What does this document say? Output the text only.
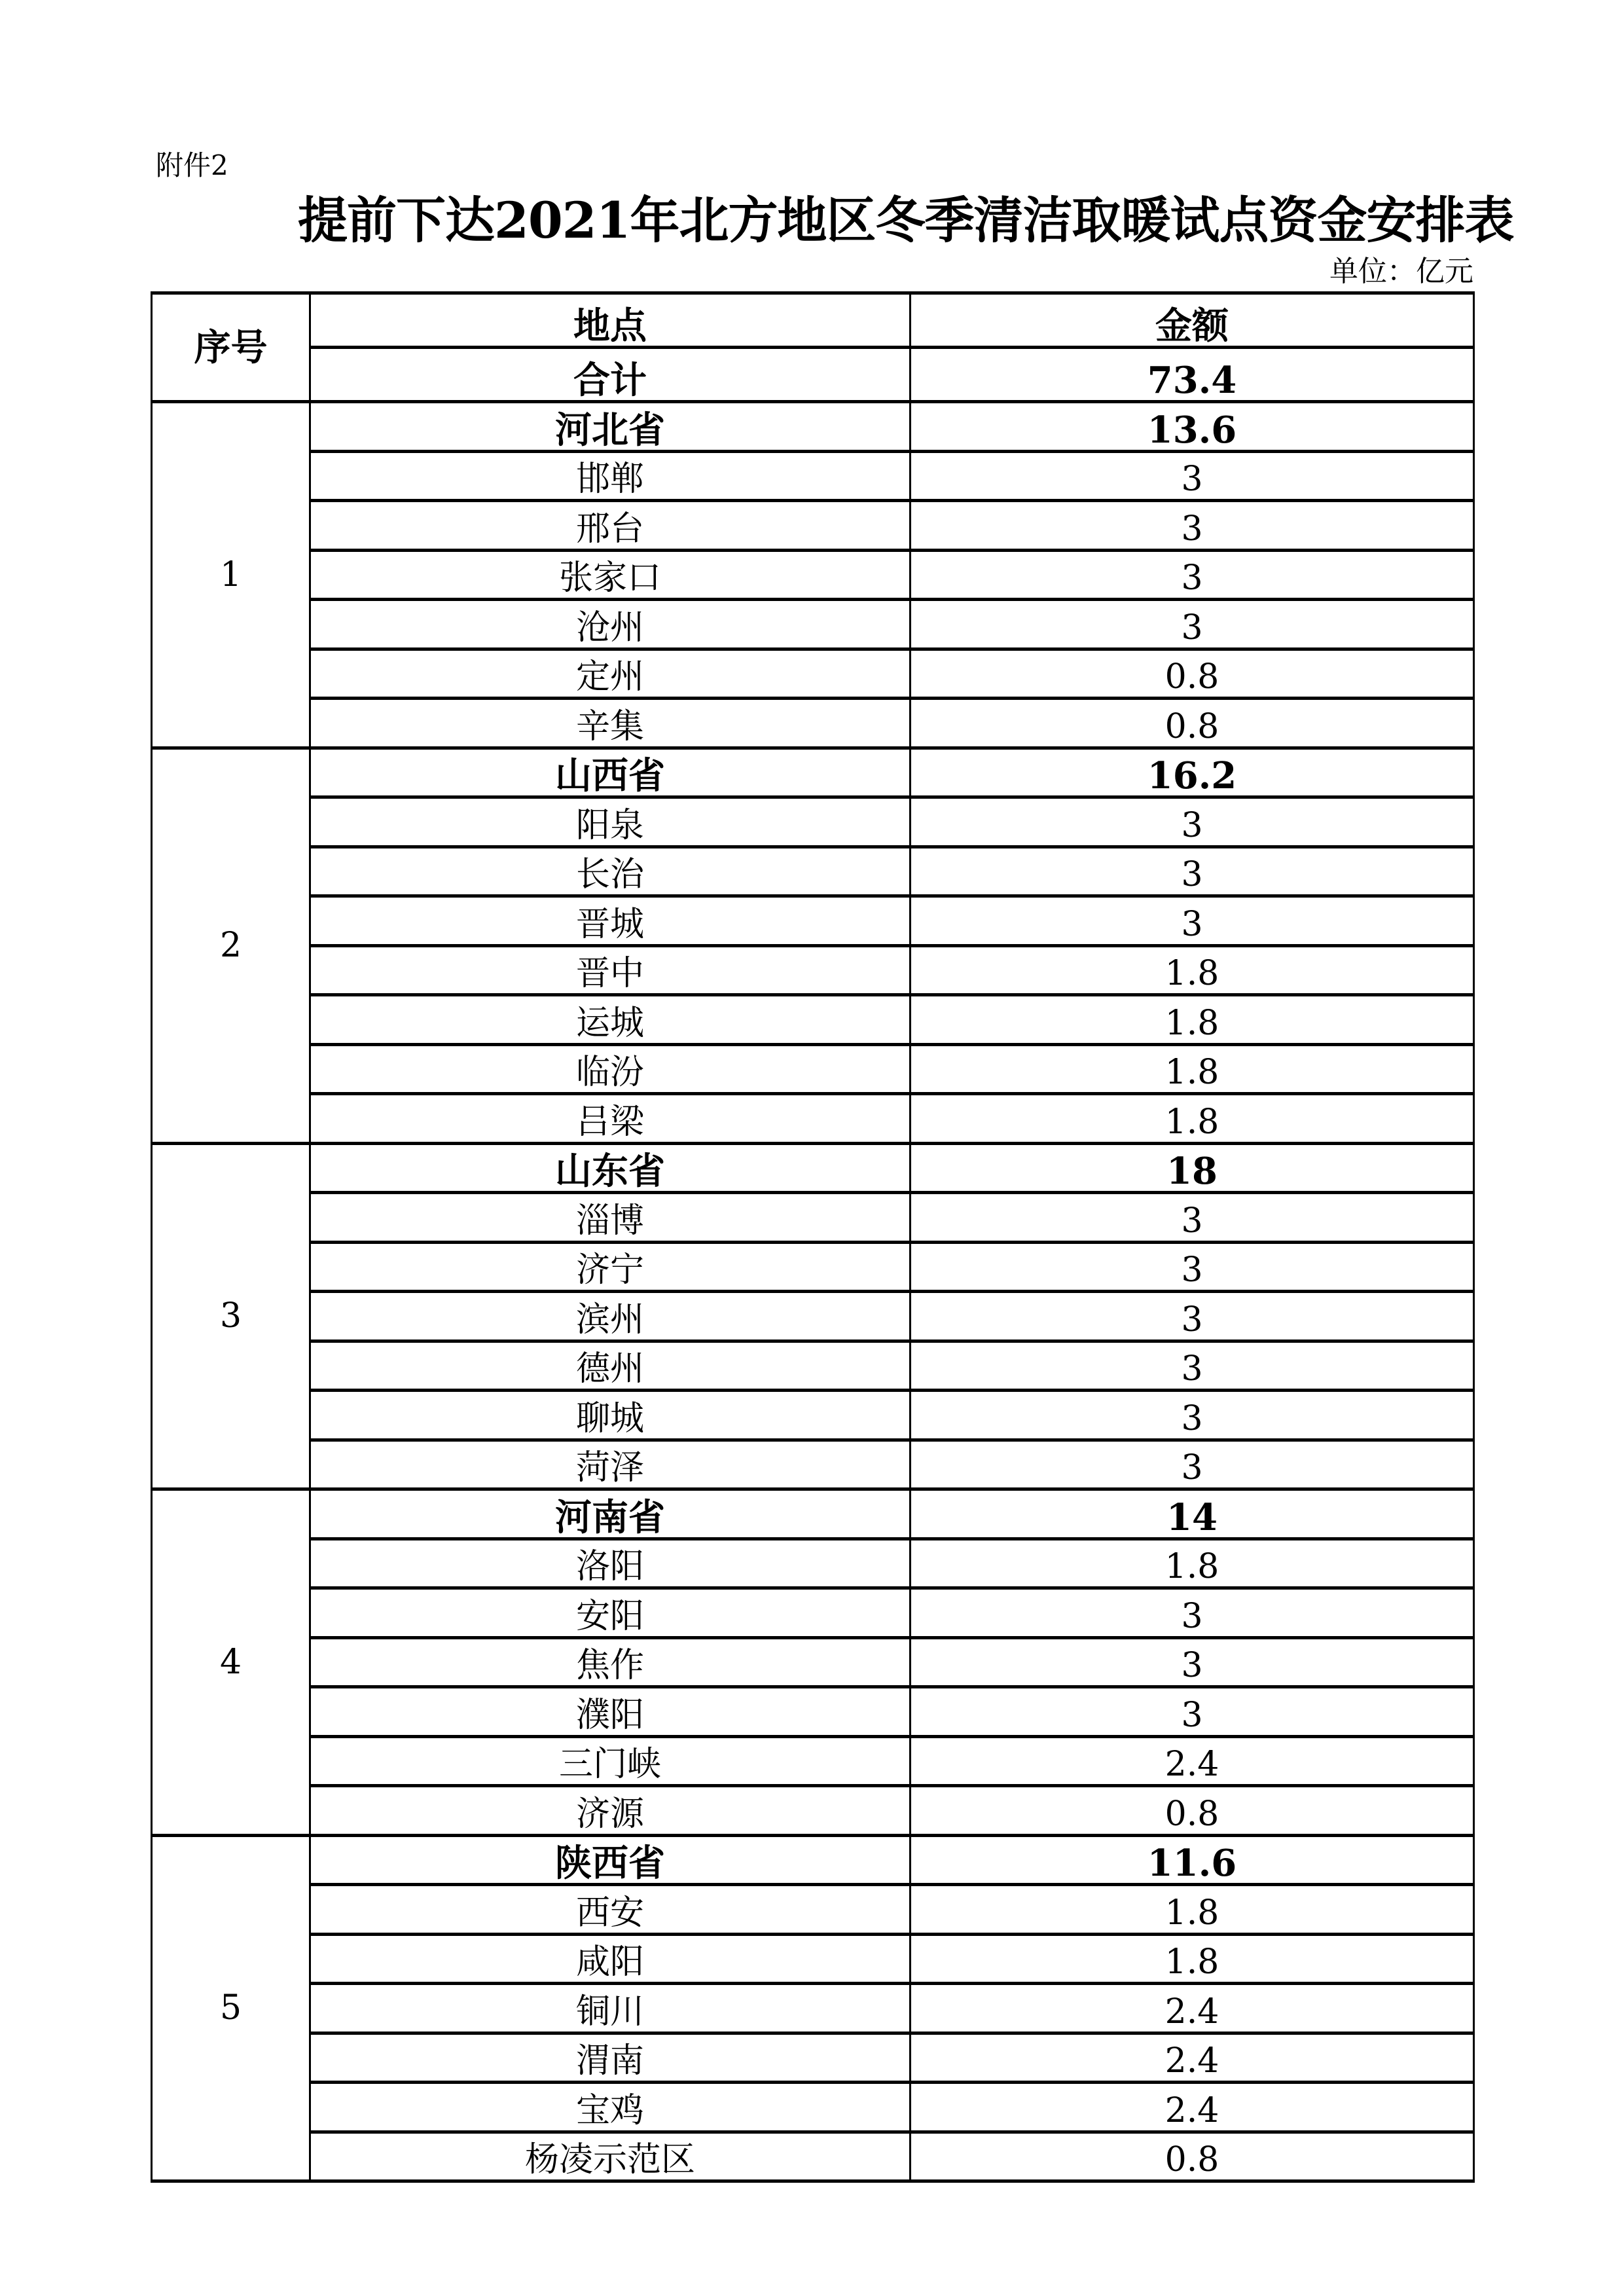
附件2
提前下达2021年北方地区冬季清洁取暖试点资金安排表
单位：亿元
序号	地点	金额
	合计	73.4
1	河北省	13.6
	邯郸	3
	邢台	3
	张家口	3
	沧州	3
	定州	0.8
	辛集	0.8
2	山西省	16.2
	阳泉	3
	长治	3
	晋城	3
	晋中	1.8
	运城	1.8
	临汾	1.8
	吕梁	1.8
3	山东省	18
	淄博	3
	济宁	3
	滨州	3
	德州	3
	聊城	3
	菏泽	3
4	河南省	14
	洛阳	1.8
	安阳	3
	焦作	3
	濮阳	3
	三门峡	2.4
	济源	0.8
5	陕西省	11.6
	西安	1.8
	咸阳	1.8
	铜川	2.4
	渭南	2.4
	宝鸡	2.4
	杨凌示范区	0.8
